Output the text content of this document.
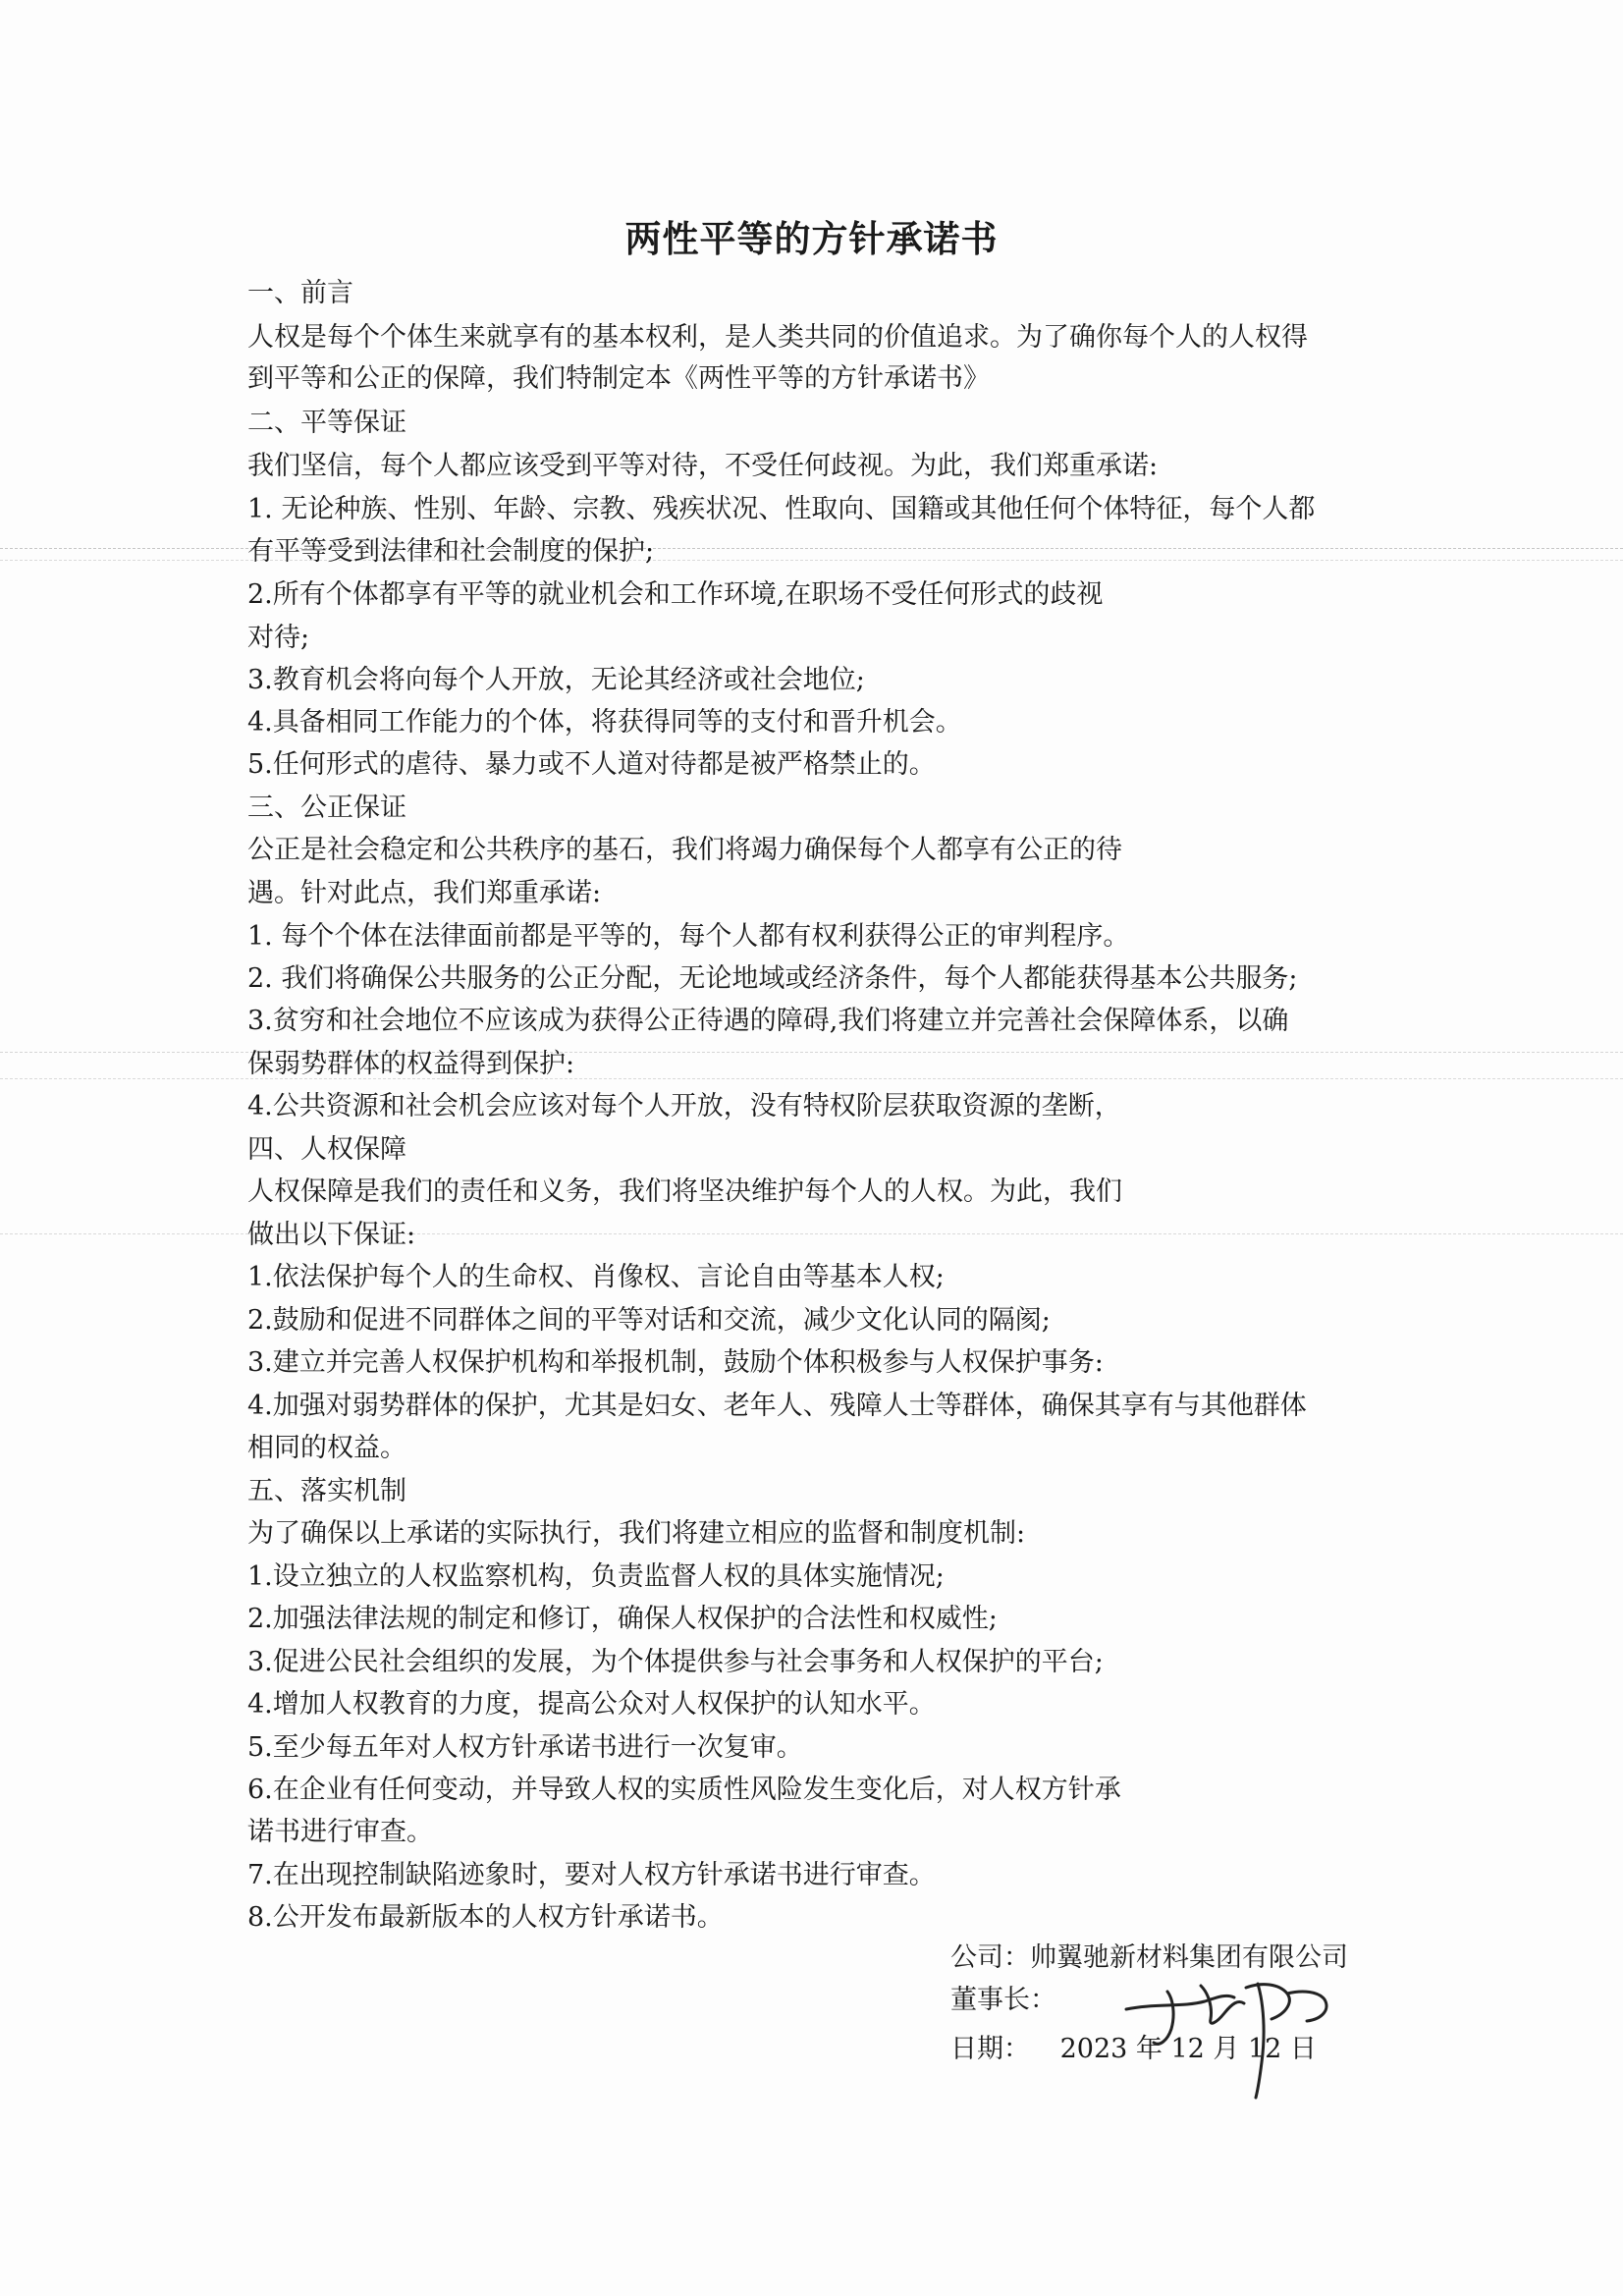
两性平等的方针承诺书
一、前言
人权是每个个体生来就享有的基本权利，是人类共同的价值追求。为了确你每个人的人权得
到平等和公正的保障，我们特制定本《两性平等的方针承诺书》
二、平等保证
我们坚信，每个人都应该受到平等对待，不受任何歧视。为此，我们郑重承诺:
1. 无论种族、性别、年龄、宗教、残疾状况、性取向、国籍或其他任何个体特征，每个人都
有平等受到法律和社会制度的保护;
2.所有个体都享有平等的就业机会和工作环境,在职场不受任何形式的歧视
对待;
3.教育机会将向每个人开放，无论其经济或社会地位;
4.具备相同工作能力的个体，将获得同等的支付和晋升机会。
5.任何形式的虐待、暴力或不人道对待都是被严格禁止的。
三、公正保证
公正是社会稳定和公共秩序的基石，我们将竭力确保每个人都享有公正的待
遇。针对此点，我们郑重承诺:
1. 每个个体在法律面前都是平等的，每个人都有权利获得公正的审判程序。
2. 我们将确保公共服务的公正分配，无论地域或经济条件，每个人都能获得基本公共服务;
3.贫穷和社会地位不应该成为获得公正待遇的障碍,我们将建立并完善社会保障体系，以确
保弱势群体的权益得到保护:
4.公共资源和社会机会应该对每个人开放，没有特权阶层获取资源的垄断，
四、人权保障
人权保障是我们的责任和义务，我们将坚决维护每个人的人权。为此，我们
做出以下保证:
1.依法保护每个人的生命权、肖像权、言论自由等基本人权;
2.鼓励和促进不同群体之间的平等对话和交流，减少文化认同的隔阂;
3.建立并完善人权保护机构和举报机制，鼓励个体积极参与人权保护事务:
4.加强对弱势群体的保护，尤其是妇女、老年人、残障人士等群体，确保其享有与其他群体
相同的权益。
五、落实机制
为了确保以上承诺的实际执行，我们将建立相应的监督和制度机制:
1.设立独立的人权监察机构，负责监督人权的具体实施情况;
2.加强法律法规的制定和修订，确保人权保护的合法性和权威性;
3.促进公民社会组织的发展，为个体提供参与社会事务和人权保护的平台;
4.增加人权教育的力度，提高公众对人权保护的认知水平。
5.至少每五年对人权方针承诺书进行一次复审。
6.在企业有任何变动，并导致人权的实质性风险发生变化后，对人权方针承
诺书进行审查。
7.在出现控制缺陷迹象时，要对人权方针承诺书进行审查。
8.公开发布最新版本的人权方针承诺书。
公司：帅翼驰新材料集团有限公司
董事长：
日期： 2023 年 12 月 12 日
